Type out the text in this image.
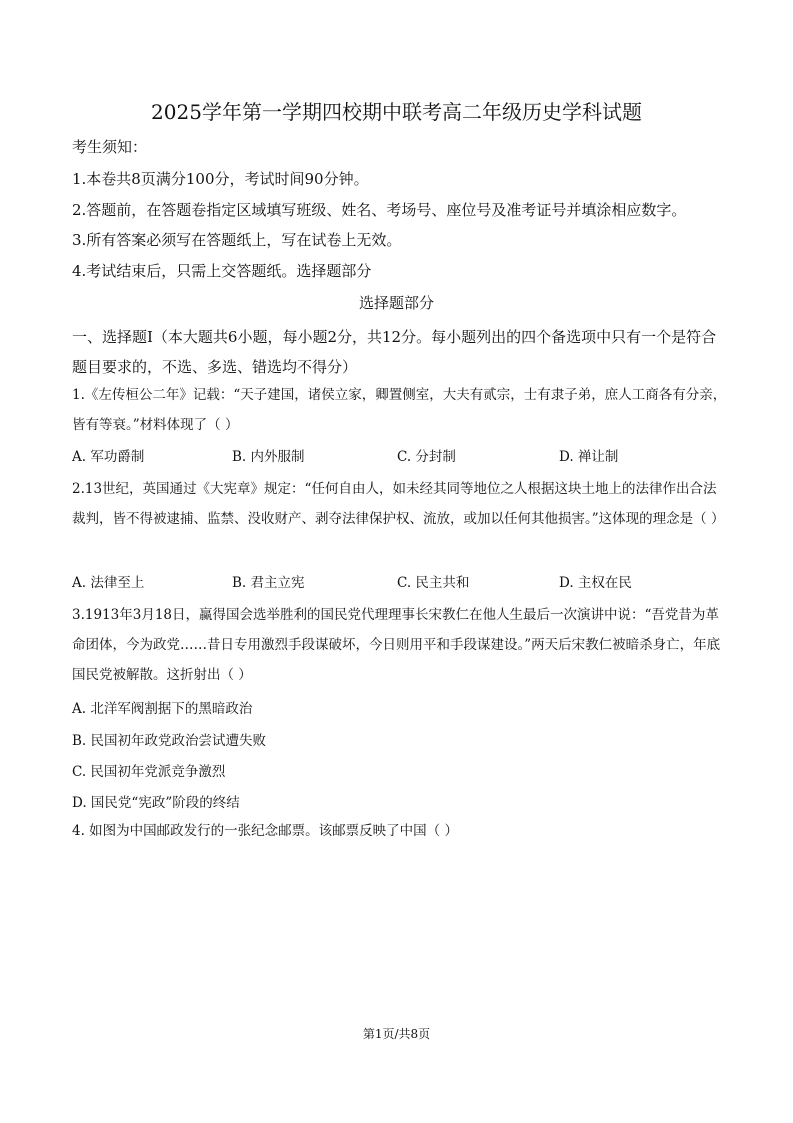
2025学年第一学期四校期中联考高二年级历史学科试题
考生须知：
1.本卷共8页满分100分，考试时间90分钟。
2.答题前，在答题卷指定区域填写班级、姓名、考场号、座位号及准考证号并填涂相应数字。
3.所有答案必须写在答题纸上，写在试卷上无效。
4.考试结束后，只需上交答题纸。选择题部分
选择题部分
一、选择题Ⅰ（本大题共6小题，每小题2分，共12分。每小题列出的四个备选项中只有一个是符合题目要求的，不选、多选、错选均不得分）
1.《左传桓公二年》记载：“天子建国，诸侯立家，卿置侧室，大夫有贰宗，士有隶子弟，庶人工商各有分亲，皆有等衰。”材料体现了（ ）
A. 军功爵制	B. 内外服制	C. 分封制	D. 禅让制
2.13世纪，英国通过《大宪章》规定：“任何自由人，如未经其同等地位之人根据这块土地上的法律作出合法裁判，皆不得被逮捕、监禁、没收财产、剥夺法律保护权、流放，或加以任何其他损害。”这体现的理念是（ ）
A. 法律至上	B. 君主立宪	C. 民主共和	D. 主权在民
3.1913年3月18日，赢得国会选举胜利的国民党代理理事长宋教仁在他人生最后一次演讲中说：“吾党昔为革命团体，今为政党……昔日专用激烈手段谋破坏，今日则用平和手段谋建设。”两天后宋教仁被暗杀身亡，年底国民党被解散。这折射出（ ）
A. 北洋军阀割据下的黑暗政治
B. 民国初年政党政治尝试遭失败
C. 民国初年党派竞争激烈
D. 国民党“宪政”阶段的终结
4. 如图为中国邮政发行的一张纪念邮票。该邮票反映了中国（ ）
第1页/共8页
